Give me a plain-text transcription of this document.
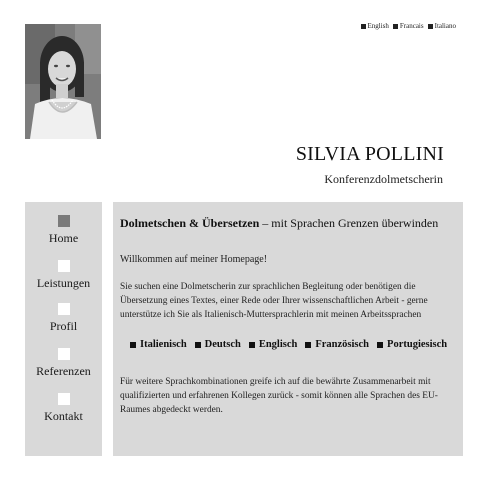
English Francais Italiano
SILVIA POLLINI
Konferenzdolmetscherin
Home
Leistungen
Profil
Referenzen
Kontakt
Dolmetschen & Übersetzen – mit Sprachen Grenzen überwinden
Willkommen auf meiner Homepage!
Sie suchen eine Dolmetscherin zur sprachlichen Begleitung oder benötigen die Übersetzung eines Textes, einer Rede oder Ihrer wissenschaftlichen Arbeit - gerne unterstütze ich Sie als Italienisch-Muttersprachlerin mit meinen Arbeitssprachen
Italienisch Deutsch Englisch Französisch Portugiesisch
Für weitere Sprachkombinationen greife ich auf die bewährte Zusammenarbeit mit qualifizierten und erfahrenen Kollegen zurück - somit können alle Sprachen des EU-Raumes abgedeckt werden.
